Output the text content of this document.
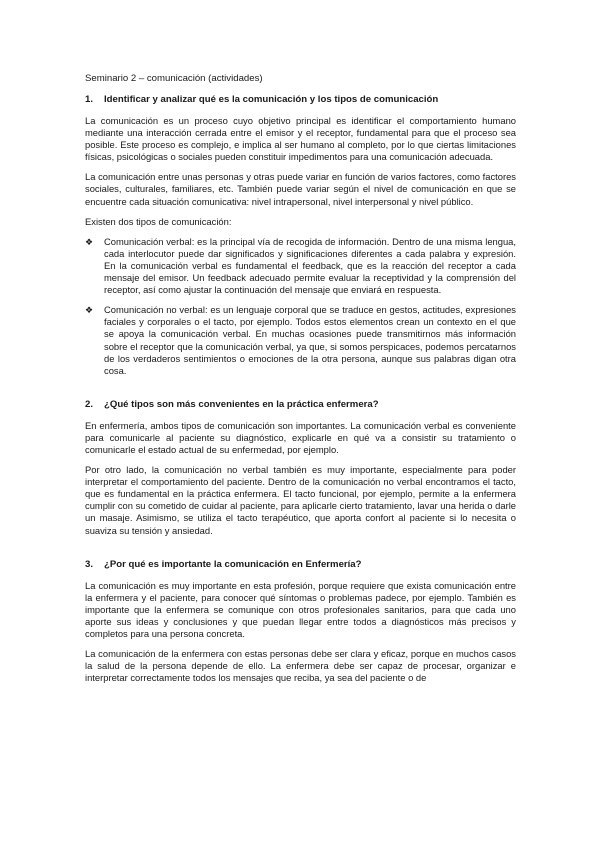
Seminario 2 – comunicación (actividades)
1. Identificar y analizar qué es la comunicación y los tipos de comunicación

La comunicación es un proceso cuyo objetivo principal es identificar el comportamiento humano mediante una interacción cerrada entre el emisor y el receptor, fundamental para que el proceso sea posible. Este proceso es complejo, e implica al ser humano al completo, por lo que ciertas limitaciones físicas, psicológicas o sociales pueden constituir impedimentos para una comunicación adecuada.

La comunicación entre unas personas y otras puede variar en función de varios factores, como factores sociales, culturales, familiares, etc. También puede variar según el nivel de comunicación en que se encuentre cada situación comunicativa: nivel intrapersonal, nivel interpersonal y nivel público.

Existen dos tipos de comunicación:

❖ Comunicación verbal: es la principal vía de recogida de información. Dentro de una misma lengua, cada interlocutor puede dar significados y significaciones diferentes a cada palabra y expresión. En la comunicación verbal es fundamental el feedback, que es la reacción del receptor a cada mensaje del emisor. Un feedback adecuado permite evaluar la receptividad y la comprensión del receptor, así como ajustar la continuación del mensaje que enviará en respuesta.
❖ Comunicación no verbal: es un lenguaje corporal que se traduce en gestos, actitudes, expresiones faciales y corporales o el tacto, por ejemplo. Todos estos elementos crean un contexto en el que se apoya la comunicación verbal. En muchas ocasiones puede transmitirnos más información sobre el receptor que la comunicación verbal, ya que, si somos perspicaces, podemos percatarnos de los verdaderos sentimientos o emociones de la otra persona, aunque sus palabras digan otra cosa.
2. ¿Qué tipos son más convenientes en la práctica enfermera?

En enfermería, ambos tipos de comunicación son importantes. La comunicación verbal es conveniente para comunicarle al paciente su diagnóstico, explicarle en qué va a consistir su tratamiento o comunicarle el estado actual de su enfermedad, por ejemplo.

Por otro lado, la comunicación no verbal también es muy importante, especialmente para poder interpretar el comportamiento del paciente. Dentro de la comunicación no verbal encontramos el tacto, que es fundamental en la práctica enfermera. El tacto funcional, por ejemplo, permite a la enfermera cumplir con su cometido de cuidar al paciente, para aplicarle cierto tratamiento, lavar una herida o darle un masaje. Asimismo, se utiliza el tacto terapéutico, que aporta confort al paciente si lo necesita o suaviza su tensión y ansiedad.

3. ¿Por qué es importante la comunicación en Enfermería?

La comunicación es muy importante en esta profesión, porque requiere que exista comunicación entre la enfermera y el paciente, para conocer qué síntomas o problemas padece, por ejemplo. También es importante que la enfermera se comunique con otros profesionales sanitarios, para que cada uno aporte sus ideas y conclusiones y que puedan llegar entre todos a diagnósticos más precisos y completos para una persona concreta.

La comunicación de la enfermera con estas personas debe ser clara y eficaz, porque en muchos casos la salud de la persona depende de ello. La enfermera debe ser capaz de procesar, organizar e interpretar correctamente todos los mensajes que reciba, ya sea del paciente o de
